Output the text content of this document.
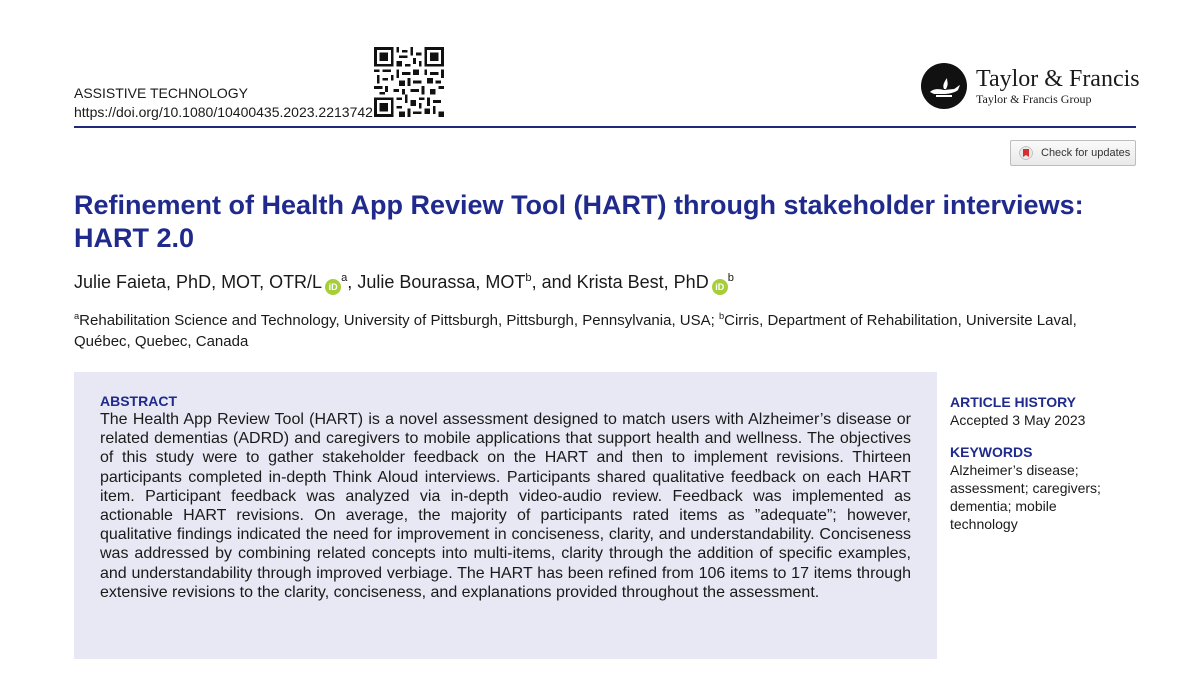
ASSISTIVE TECHNOLOGY
https://doi.org/10.1080/10400435.2023.2213742
Taylor & Francis
Taylor & Francis Group
Check for updates
Refinement of Health App Review Tool (HART) through stakeholder interviews:
HART 2.0
Julie Faieta, PhD, MOT, OTR/L $iD^a$, Julie Bourassa, MOT$^b$, and Krista Best, PhD $iD^b$
$^a$Rehabilitation Science and Technology, University of Pittsburgh, Pittsburgh, Pennsylvania, USA; $^b$Cirris, Department of Rehabilitation, Universite Laval, Québec, Quebec, Canada
ABSTRACT
The Health App Review Tool (HART) is a novel assessment designed to match users with Alzheimer’s disease or related dementias (ADRD) and caregivers to mobile applications that support health and wellness. The objectives of this study were to gather stakeholder feedback on the HART and then to implement revisions. Thirteen participants completed in-depth Think Aloud interviews. Participants shared qualitative feedback on each HART item. Participant feedback was analyzed via in-depth video-audio review. Feedback was implemented as actionable HART revisions. On average, the majority of participants rated items as ”adequate”; however, qualitative findings indicated the need for improvement in conciseness, clarity, and understandability. Conciseness was addressed by combining related concepts into multi-items, clarity through the addition of specific examples, and understandability through improved verbiage. The HART has been refined from 106 items to 17 items through extensive revisions to the clarity, conciseness, and explanations provided throughout the assessment.
ARTICLE HISTORY
Accepted 3 May 2023
KEYWORDS
Alzheimer’s disease;
assessment; caregivers;
dementia; mobile
technology
